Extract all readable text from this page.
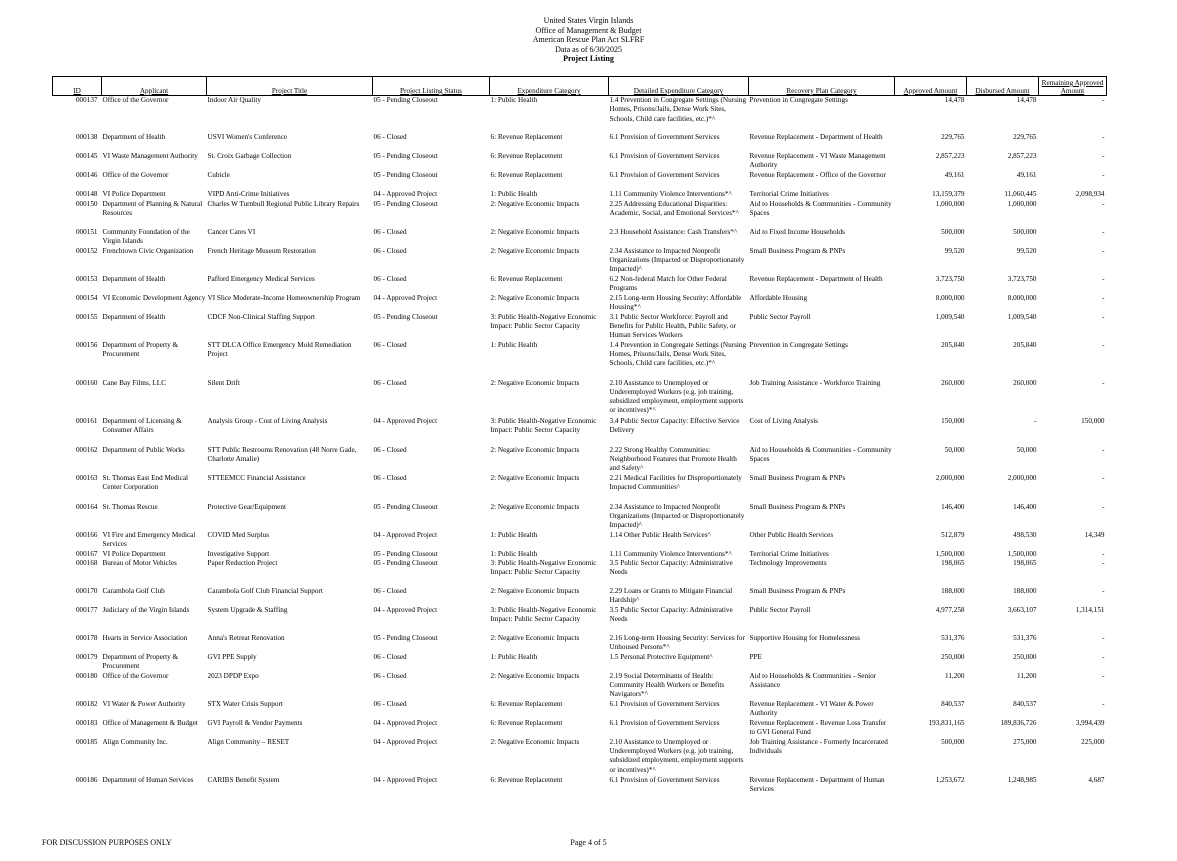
United States Virgin Islands
Office of Management & Budget
American Rescue Plan Act SLFRF
Data as of 6/30/2025
Project Listing
ID	Applicant	Project Title	Project Listing Status	Expenditure Category	Detailed Expenditure Category	Recovery Plan Category	Approved Amount	Disbursed Amount	Remaining Approved Amount
000137	Office of the Governor	Indoor Air Quality	05 - Pending Closeout	1: Public Health	1.4 Prevention in Congregate Settings (Nursing Homes, Prisons/Jails, Dense Work Sites, Schools, Child care facilities, etc.)*^	Prevention in Congregate Settings	14,478	14,478	-
000138	Department of Health	USVI Women's Conference	06 - Closed	6: Revenue Replacement	6.1 Provision of Government Services	Revenue Replacement - Department of Health	229,765	229,765	-
000145	VI Waste Management Authority	St. Croix Garbage Collection	05 - Pending Closeout	6: Revenue Replacement	6.1 Provision of Government Services	Revenue Replacement - VI Waste Management Authority	2,857,223	2,857,223	-
000146	Office of the Governor	Cubicle	05 - Pending Closeout	6: Revenue Replacement	6.1 Provision of Government Services	Revenue Replacement - Office of the Governor	49,161	49,161	-
000148	VI Police Department	VIPD Anti-Crime Initiatives	04 - Approved Project	1: Public Health	1.11 Community Violence Interventions*^	Territorial Crime Initiatives	13,159,379	11,060,445	2,098,934
000150	Department of Planning & Natural Resources	Charles W Turnbull Regional Public Library Repairs	05 - Pending Closeout	2: Negative Economic Impacts	2.25 Addressing Educational Disparities: Academic, Social, and Emotional Services*^	Aid to Households & Communities - Community Spaces	1,000,000	1,000,000	-
000151	Community Foundation of the Virgin Islands	Cancer Cares VI	06 - Closed	2: Negative Economic Impacts	2.3 Household Assistance: Cash Transfers*^	Aid to Fixed Income Households	500,000	500,000	-
000152	Frenchtown Civic Organization	French Heritage Museum Restoration	06 - Closed	2: Negative Economic Impacts	2.34 Assistance to Impacted Nonprofit Organizations (Impacted or Disproportionately Impacted)^	Small Business Program & PNPs	99,520	99,520	-
000153	Department of Health	Pafford Emergency Medical Services	06 - Closed	6: Revenue Replacement	6.2 Non-federal Match for Other Federal Programs	Revenue Replacement - Department of Health	3,723,750	3,723,750	-
000154	VI Economic Development Agency	VI Slice Moderate-Income Homeownership Program	04 - Approved Project	2: Negative Economic Impacts	2.15 Long-term Housing Security: Affordable Housing*^	Affordable Housing	8,000,000	8,000,000	-
000155	Department of Health	CDCF Non-Clinical Staffing Support	05 - Pending Closeout	3: Public Health-Negative Economic Impact: Public Sector Capacity	3.1 Public Sector Workforce: Payroll and Benefits for Public Health, Public Safety, or Human Services Workers	Public Sector Payroll	1,009,540	1,009,540	-
000156	Department of Property & Procurement	STT DLCA Office Emergency Mold Remediation Project	06 - Closed	1: Public Health	1.4 Prevention in Congregate Settings (Nursing Homes, Prisons/Jails, Dense Work Sites, Schools, Child care facilities, etc.)*^	Prevention in Congregate Settings	205,840	205,840	-
000160	Cane Bay Films, LLC	Silent Drift	06 - Closed	2: Negative Economic Impacts	2.10 Assistance to Unemployed or Underemployed Workers (e.g. job training, subsidized employment, employment supports or incentives)*^	Job Training Assistance - Workforce Training	260,000	260,000	-
000161	Department of Licensing & Consumer Affairs	Analysis Group - Cost of Living Analysis	04 - Approved Project	3: Public Health-Negative Economic Impact: Public Sector Capacity	3.4 Public Sector Capacity: Effective Service Delivery	Cost of Living Analysis	150,000	-	150,000
000162	Department of Public Works	STT Public Restrooms Renovation (48 Norre Gade, Charlotte Amalie)	06 - Closed	2: Negative Economic Impacts	2.22 Strong Healthy Communities: Neighborhood Features that Promote Health and Safety^	Aid to Households & Communities - Community Spaces	50,000	50,000	-
000163	St. Thomas East End Medical Center Corporation	STTEEMCC Financial Assistance	06 - Closed	2: Negative Economic Impacts	2.21 Medical Facilities for Disproportionately Impacted Communities^	Small Business Program & PNPs	2,000,000	2,000,000	-
000164	St. Thomas Rescue	Protective Gear/Equipment	05 - Pending Closeout	2: Negative Economic Impacts	2.34 Assistance to Impacted Nonprofit Organizations (Impacted or Disproportionately Impacted)^	Small Business Program & PNPs	146,400	146,400	-
000166	VI Fire and Emergency Medical Services	COVID Med Surplus	04 - Approved Project	1: Public Health	1.14 Other Public Health Services^	Other Public Health Services	512,879	498,530	14,349
000167	VI Police Department	Investigative Support	05 - Pending Closeout	1: Public Health	1.11 Community Violence Interventions*^	Territorial Crime Initiatives	1,500,000	1,500,000	-
000168	Bureau of Motor Vehicles	Paper Reduction Project	05 - Pending Closeout	3: Public Health-Negative Economic Impact: Public Sector Capacity	3.5 Public Sector Capacity: Administrative Needs	Technology Improvements	198,065	198,065	-
000170	Carambola Golf Club	Carambola Golf Club Financial Support	06 - Closed	2: Negative Economic Impacts	2.29 Loans or Grants to Mitigate Financial Hardship^	Small Business Program & PNPs	188,000	188,000	-
000177	Judiciary of the Virgin Islands	System Upgrade & Staffing	04 - Approved Project	3: Public Health-Negative Economic Impact: Public Sector Capacity	3.5 Public Sector Capacity: Administrative Needs	Public Sector Payroll	4,977,258	3,663,107	1,314,151
000178	Hearts in Service Association	Anna's Retreat Renovation	05 - Pending Closeout	2: Negative Economic Impacts	2.16 Long-term Housing Security: Services for Unhoused Persons*^	Supportive Housing for Homelessness	531,376	531,376	-
000179	Department of Property & Procurement	GVI PPE Supply	06 - Closed	1: Public Health	1.5 Personal Protective Equipment^	PPE	250,000	250,000	-
000180	Office of the Governor	2023 DPDP Expo	06 - Closed	2: Negative Economic Impacts	2.19 Social Determinants of Health: Community Health Workers or Benefits Navigators*^	Aid to Households & Communities - Senior Assistance	11,200	11,200	-
000182	VI Water & Power Authority	STX Water Crisis Support	06 - Closed	6: Revenue Replacement	6.1 Provision of Government Services	Revenue Replacement - VI Water & Power Authority	840,537	840,537	-
000183	Office of Management & Budget	GVI Payroll & Vendor Payments	04 - Approved Project	6: Revenue Replacement	6.1 Provision of Government Services	Revenue Replacement - Revenue Loss Transfer to GVI General Fund	193,831,165	189,836,726	3,994,439
000185	Align Community Inc.	Align Community – RESET	04 - Approved Project	2: Negative Economic Impacts	2.10 Assistance to Unemployed or Underemployed Workers (e.g. job training, subsidized employment, employment supports or incentives)*^	Job Training Assistance - Formerly Incarcerated Individuals	500,000	275,000	225,000
000186	Department of Human Services	CARIBS Benefit System	04 - Approved Project	6: Revenue Replacement	6.1 Provision of Government Services	Revenue Replacement - Department of Human Services	1,253,672	1,248,985	4,687
FOR DISCUSSION PURPOSES ONLY	Page 4 of 5
